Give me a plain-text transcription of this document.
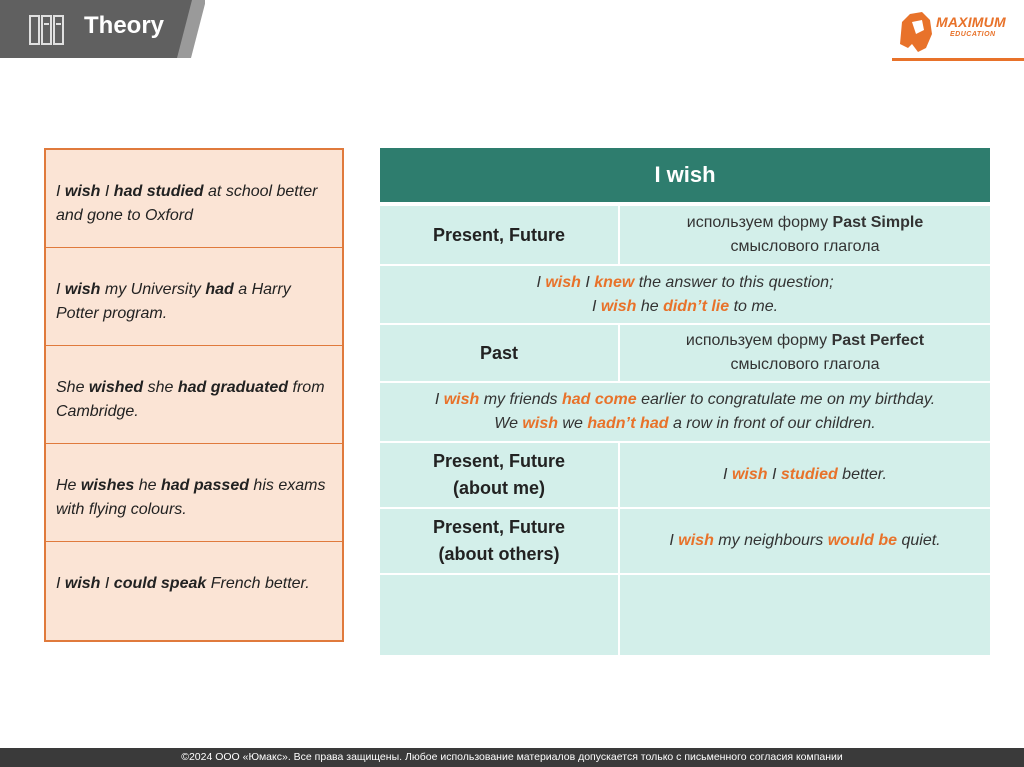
Theory	MAXIMUM
EDUCATION
I wish I had studied at school better and gone to Oxford
I wish my University had a Harry Potter program.
She wished she had graduated from Cambridge.
He wishes he had passed his exams with flying colours.
I wish I could speak French better.
I wish
Present, Future
используем форму Past Simple
смыслового глагола
I wish I knew the answer to this question;
I wish he didn’t lie to me.
Past
используем форму Past Perfect
смыслового глагола
I wish my friends had come earlier to congratulate me on my birthday.
We wish we hadn’t had a row in front of our children.
Present, Future
(about me)
I wish I studied better.
Present, Future
(about others)
I wish my neighbours would be quiet.
©2024 ООО «Юмакс». Все права защищены. Любое использование материалов допускается только с письменного согласия компании
